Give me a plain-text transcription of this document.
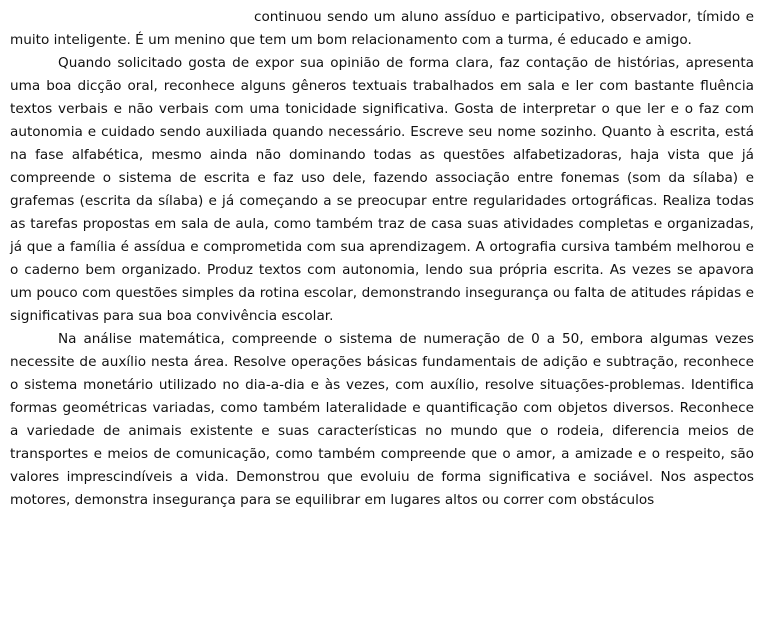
continuou sendo um aluno assíduo e participativo, observador, tímido e muito inteligente. É um menino que tem um bom relacionamento com a turma, é educado e amigo.

Quando solicitado gosta de expor sua opinião de forma clara, faz contação de histórias, apresenta uma boa dicção oral, reconhece alguns gêneros textuais trabalhados em sala e ler com bastante fluência textos verbais e não verbais com uma tonicidade significativa. Gosta de interpretar o que ler e o faz com autonomia e cuidado sendo auxiliada quando necessário. Escreve seu nome sozinho. Quanto à escrita, está na fase alfabética, mesmo ainda não dominando todas as questões alfabetizadoras, haja vista que já compreende o sistema de escrita e faz uso dele, fazendo associação entre fonemas (som da sílaba) e grafemas (escrita da sílaba) e já começando a se preocupar entre regularidades ortográficas. Realiza todas as tarefas propostas em sala de aula, como também traz de casa suas atividades completas e organizadas, já que a família é assídua e comprometida com sua aprendizagem. A ortografia cursiva também melhorou e o caderno bem organizado. Produz textos com autonomia, lendo sua própria escrita. As vezes se apavora um pouco com questões simples da rotina escolar, demonstrando insegurança ou falta de atitudes rápidas e significativas para sua boa convivência escolar.

Na análise matemática, compreende o sistema de numeração de 0 a 50, embora algumas vezes necessite de auxílio nesta área. Resolve operações básicas fundamentais de adição e subtração, reconhece o sistema monetário utilizado no dia-a-dia e às vezes, com auxílio, resolve situações-problemas. Identifica formas geométricas variadas, como também lateralidade e quantificação com objetos diversos. Reconhece a variedade de animais existente e suas características no mundo que o rodeia, diferencia meios de transportes e meios de comunicação, como também compreende que o amor, a amizade e o respeito, são valores imprescindíveis a vida. Demonstrou que evoluiu de forma significativa e sociável. Nos aspectos motores, demonstra insegurança para se equilibrar em lugares altos ou correr com obstáculos
